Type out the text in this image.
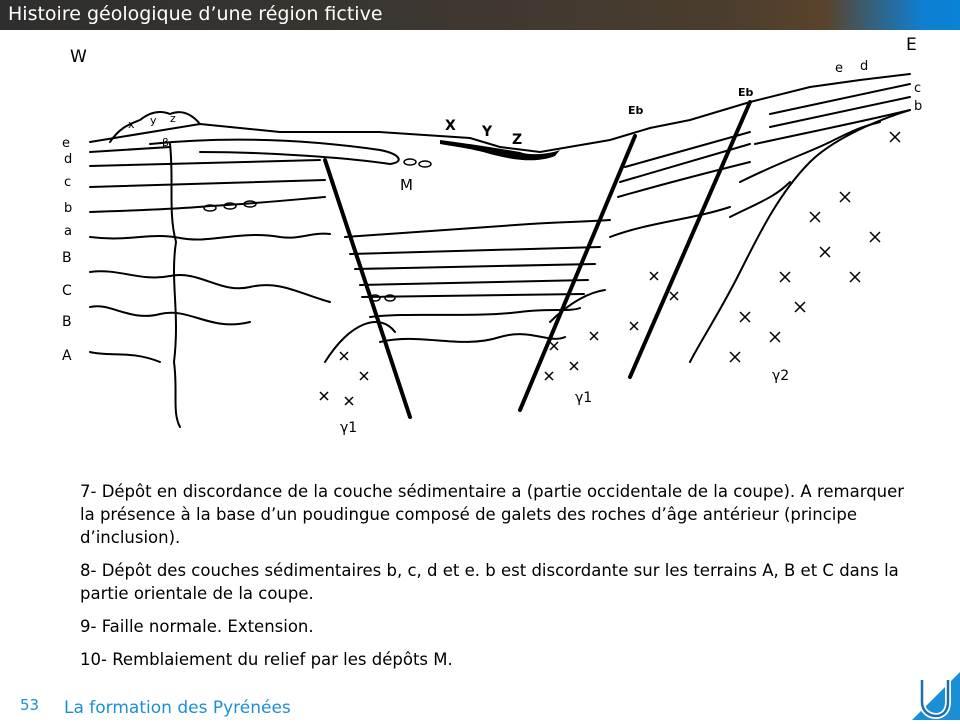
Histoire géologique d’une région fictive
W
E
e
d
c
b
a
B
C
B
A
e d
c
b
X Y Z
M
Eb
Eb
γ1
γ1
γ2
x y z
β

7- Dépôt en discordance de la couche sédimentaire a (partie occidentale de la coupe). A remarquer la présence à la base d’un poudingue composé de galets des roches d’âge antérieur (principe d’inclusion).

8- Dépôt des couches sédimentaires b, c, d et e. b est discordante sur les terrains A, B et C dans la partie orientale de la coupe.

9- Faille normale. Extension.

10- Remblaiement du relief par les dépôts M.

53 La formation des Pyrénées
